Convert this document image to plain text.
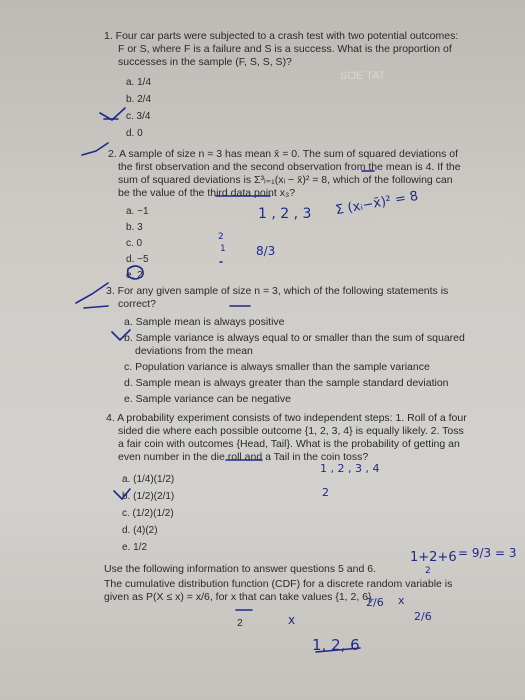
SOE TAT
1. Four car parts were subjected to a crash test with two potential outcomes:
F or S, where F is a failure and S is a success. What is the proportion of
successes in the sample (F, S, S, S)?
a. 1/4
b. 2/4
c. 3/4
d. 0
2. A sample of size n = 3 has mean x̄ = 0. The sum of squared deviations of
the first observation and the second observation from the mean is 4. If the
sum of squared deviations is Σ³ᵢ₌₁(xᵢ − x̄)² = 8, which of the following can
be the value of the third data point x₃?
a. −1
b. 3
c. 0
d. −5
e. 2
3. For any given sample of size n = 3, which of the following statements is
correct?
a. Sample mean is always positive
b. Sample variance is always equal to or smaller than the sum of squared
deviations from the mean
c. Population variance is always smaller than the sample variance
d. Sample mean is always greater than the sample standard deviation
e. Sample variance can be negative
4. A probability experiment consists of two independent steps: 1. Roll of a four
sided die where each possible outcome {1, 2, 3, 4} is equally likely. 2. Toss
a fair coin with outcomes {Head, Tail}. What is the probability of getting an
even number in the die roll and a Tail in the coin toss?
a. (1/4)(1/2)
b. (1/2)(2/1)
c. (1/2)(1/2)
d. (4)(2)
e. 1/2
Use the following information to answer questions 5 and 6.
The cumulative distribution function (CDF) for a discrete random variable is
given as P(X ≤ x) = x/6, for x that can take values {1, 2, 6}.
2
1 , 2 , 3 Σ (xᵢ−x̄)² = 8
8/3
2
1
1 , 2 , 3 , 4
2
1+2+6 = 9/3 = 3
2
2/6 x
2/6
1, 2, 6
x
